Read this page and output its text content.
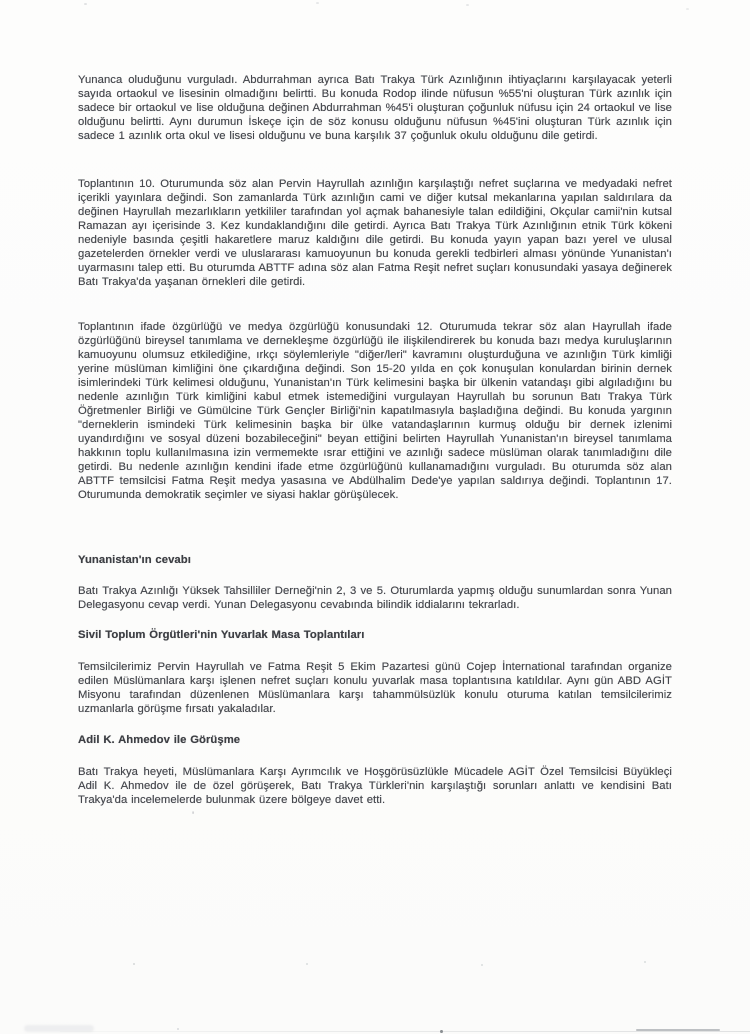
Yunanca oluduğunu vurguladı. Abdurrahman ayrıca Batı Trakya Türk Azınlığının ihtiyaçlarını karşılayacak yeterli sayıda ortaokul ve lisesinin olmadığını belirtti. Bu konuda Rodop ilinde nüfusun %55'ni oluşturan Türk azınlık için sadece bir ortaokul ve lise olduğuna değinen Abdurrahman %45'i oluşturan çoğunluk nüfusu için 24 ortaokul ve lise olduğunu belirtti. Aynı durumun İskeçe için de söz konusu olduğunu nüfusun %45'ini oluşturan Türk azınlık için sadece 1 azınlık orta okul ve lisesi olduğunu ve buna karşılık 37 çoğunluk okulu olduğunu dile getirdi.

Toplantının 10. Oturumunda söz alan Pervin Hayrullah azınlığın karşılaştığı nefret suçlarına ve medyadaki nefret içerikli yayınlara değindi. Son zamanlarda Türk azınlığın cami ve diğer kutsal mekanlarına yapılan saldırılara da değinen Hayrullah mezarlıkların yetkililer tarafından yol açmak bahanesiyle talan edildiğini, Okçular camii'nin kutsal Ramazan ayı içerisinde 3. Kez kundaklandığını dile getirdi. Ayrıca Batı Trakya Türk Azınlığının etnik Türk kökeni nedeniyle basında çeşitli hakaretlere maruz kaldığını dile getirdi. Bu konuda yayın yapan bazı yerel ve ulusal gazetelerden örnekler verdi ve uluslararası kamuoyunun bu konuda gerekli tedbirleri alması yönünde Yunanistan'ı uyarmasını talep etti. Bu oturumda ABTTF adına söz alan Fatma Reşit nefret suçları konusundaki yasaya değinerek Batı Trakya'da yaşanan örnekleri dile getirdi.

Toplantının ifade özgürlüğü ve medya özgürlüğü konusundaki 12. Oturumuda tekrar söz alan Hayrullah ifade özgürlüğünü bireysel tanımlama ve dernekleşme özgürlüğü ile ilişkilendirerek bu konuda bazı medya kuruluşlarının kamuoyunu olumsuz etkilediğine, ırkçı söylemleriyle "diğer/leri" kavramını oluşturduğuna ve azınlığın Türk kimliği yerine müslüman kimliğini öne çıkardığına değindi. Son 15-20 yılda en çok konuşulan konulardan birinin dernek isimlerindeki Türk kelimesi olduğunu, Yunanistan'ın Türk kelimesini başka bir ülkenin vatandaşı gibi algıladığını bu nedenle azınlığın Türk kimliğini kabul etmek istemediğini vurgulayan Hayrullah bu sorunun Batı Trakya Türk Öğretmenler Birliği ve Gümülcine Türk Gençler Birliği'nin kapatılmasıyla başladığına değindi. Bu konuda yargının "derneklerin ismindeki Türk kelimesinin başka bir ülke vatandaşlarının kurmuş olduğu bir dernek izlenimi uyandırdığını ve sosyal düzeni bozabileceğini" beyan ettiğini belirten Hayrullah Yunanistan'ın bireysel tanımlama hakkının toplu kullanılmasına izin vermemekte ısrar ettiğini ve azınlığı sadece müslüman olarak tanımladığını dile getirdi. Bu nedenle azınlığın kendini ifade etme özgürlüğünü kullanamadığını vurguladı. Bu oturumda söz alan ABTTF temsilcisi Fatma Reşit medya yasasına ve Abdülhalim Dede'ye yapılan saldırıya değindi. Toplantının 17. Oturumunda demokratik seçimler ve siyasi haklar görüşülecek.

Yunanistan'ın cevabı

Batı Trakya Azınlığı Yüksek Tahsilliler Derneği'nin 2, 3 ve 5. Oturumlarda yapmış olduğu sunumlardan sonra Yunan Delegasyonu cevap verdi. Yunan Delegasyonu cevabında bilindik iddialarını tekrarladı.

Sivil Toplum Örgütleri'nin Yuvarlak Masa Toplantıları

Temsilcilerimiz Pervin Hayrullah ve Fatma Reşit 5 Ekim Pazartesi günü Cojep İnternational tarafından organize edilen Müslümanlara karşı işlenen nefret suçları konulu yuvarlak masa toplantısına katıldılar. Aynı gün ABD AGİT Misyonu tarafından düzenlenen Müslümanlara karşı tahammülsüzlük konulu oturuma katılan temsilcilerimiz uzmanlarla görüşme fırsatı yakaladılar.

Adil K. Ahmedov ile Görüşme

Batı Trakya heyeti, Müslümanlara Karşı Ayrımcılık ve Hoşgörüsüzlükle Mücadele AGİT Özel Temsilcisi Büyükleçi Adil K. Ahmedov ile de özel görüşerek, Batı Trakya Türkleri'nin karşılaştığı sorunları anlattı ve kendisini Batı Trakya'da incelemelerde bulunmak üzere bölgeye davet etti.

'
